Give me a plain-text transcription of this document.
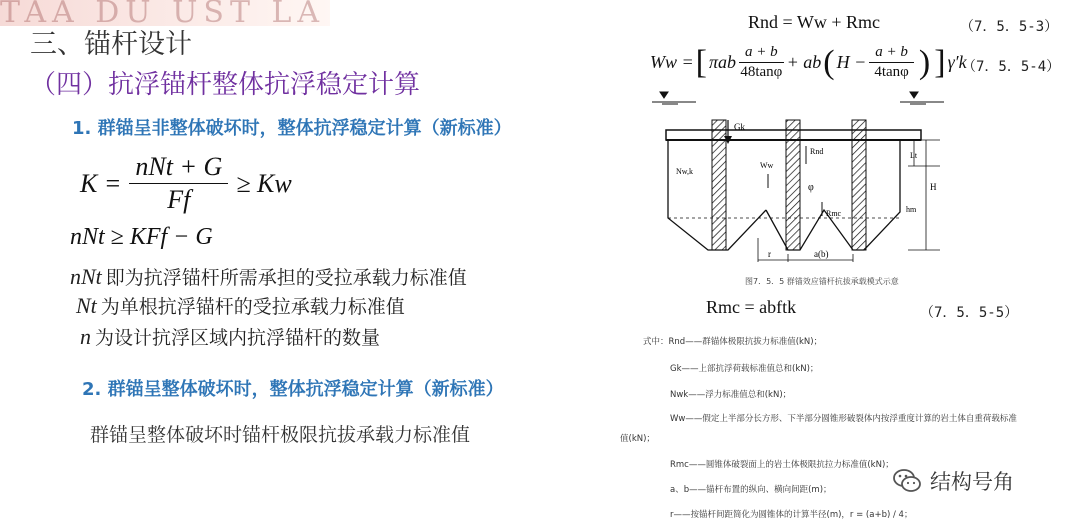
TAA DU UST LA
三、锚杆设计
（四）抗浮锚杆整体抗浮稳定计算
1. 群锚呈非整体破坏时，整体抗浮稳定计算（新标准）
$K = \frac{\text{nNt + G}}{Ff} \ge Kw$
nNt ≥ KFf − G
nNt 即为抗浮锚杆所需承担的受拉承载力标准值
Nt 为单根抗浮锚杆的受拉承载力标准值
n 为设计抗浮区域内抗浮锚杆的数量
2. 群锚呈整体破坏时，整体抗浮稳定计算（新标准）
群锚呈整体破坏时锚杆极限抗拔承载力标准值
Rnd = Ww + Rmc	（7．5．5-3）
Ww = [ πab $\frac{a + b}{48\tan\varphi}$ + ab ( $H - \frac{a + b}{4\tan\varphi}$ ) ] γ′k
（7．5．5-4）
Gk
Nw,k
Ww
Rnd
φ
Rmc
Lt
H
hm
r	a(b)
图7．5．5 群锚效应锚杆抗拔承载模式示意
Rmc = abftk	（7．5．5-5）
式中：Rnd——群锚体极限抗拔力标准值(kN)；
Gk——上部抗浮荷载标准值总和(kN)；
Nwk——浮力标准值总和(kN)；
Ww——假定上半部分长方形、下半部分圆锥形破裂体内按浮重度计算的岩土体自重荷载标准
值(kN)；
Rmc——圆锥体破裂面上的岩土体极限抗拉力标准值(kN)；
a、b——锚杆布置的纵向、横向间距(m)；
r——按锚杆间距简化为圆锥体的计算半径(m)，r = (a+b) / 4；
结构号角
